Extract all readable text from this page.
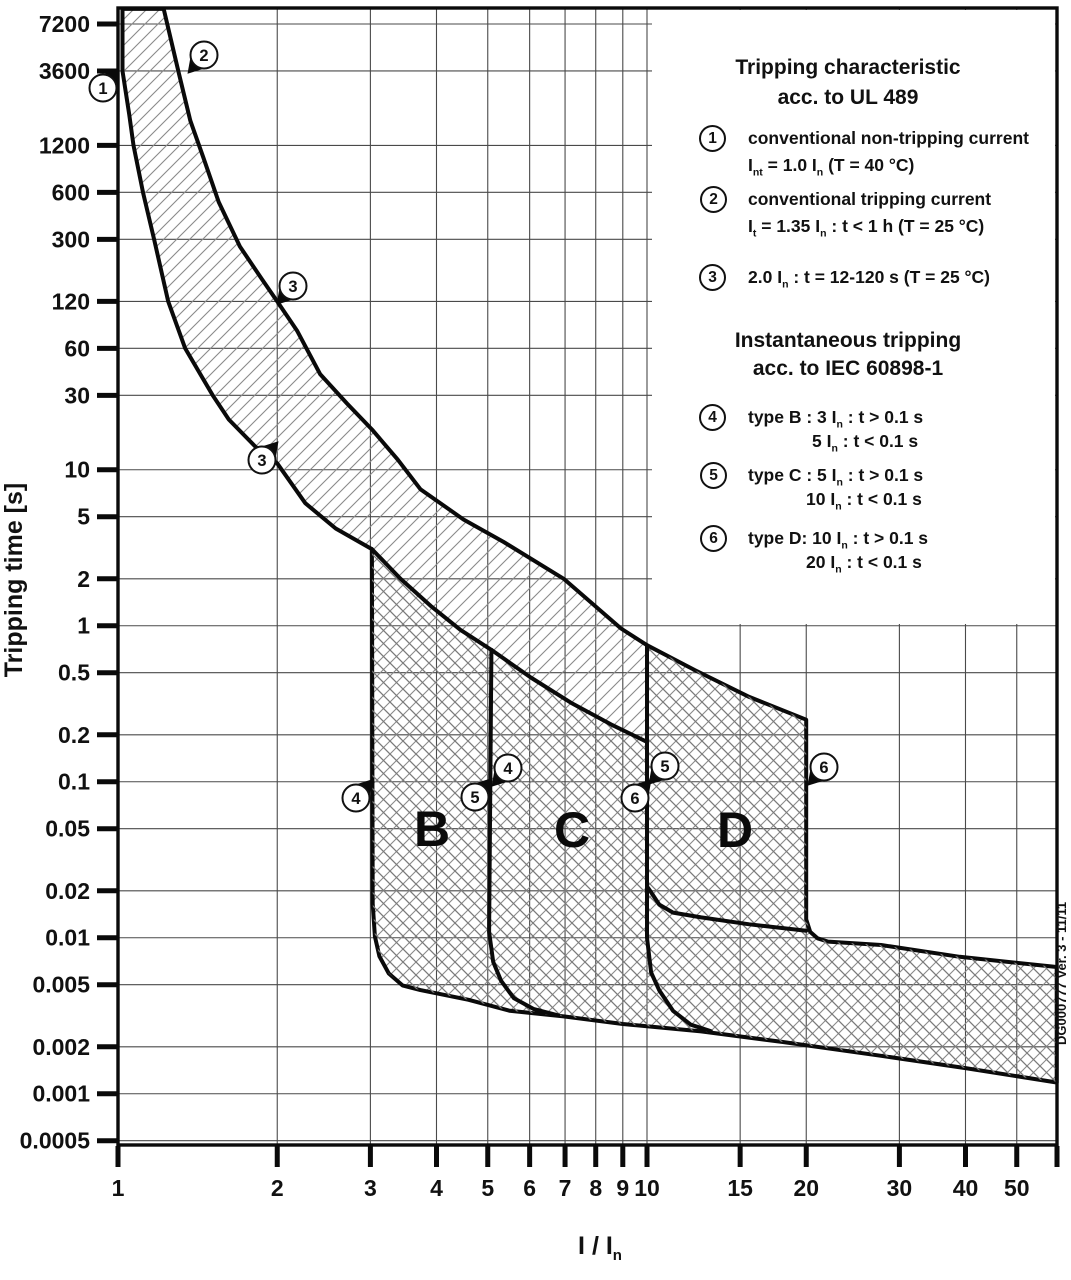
7200
3600
1200
600
300
120
60
30
10
5
2
1
0.5
0.2
0.1
0.05
0.02
0.01
0.005
0.002
0.001
0.0005
1	2	3 4 5 6 7 8 9 10	15 20	30 40 50
1
2
3
3
4
4
5
5
6
6
B C	D
Tripping time [s]
DG000777 Ver. 3 - 11/11
I / $I_n$
Tripping characteristic
acc. to UL 489
1	conventional non-tripping current
$I_{nt} = 1.0$ $I_n$ (T = 40 °C)
2	conventional tripping current
$I_t = 1.35$ $I_n$ : t < 1 h (T = 25 °C)
3	2.0 $I_n$ : t = 12-120 s (T = 25 °C)
Instantaneous tripping
acc. to IEC 60898-1
4	type B : 3 $I_n$ : t > 0.1 s
5 $I_n$ : t < 0.1 s
5	type C : 5 $I_n$ : t > 0.1 s
10 $I_n$ : t < 0.1 s
6	type D: 10 $I_n$ : t > 0.1 s
20 $I_n$ : t < 0.1 s
